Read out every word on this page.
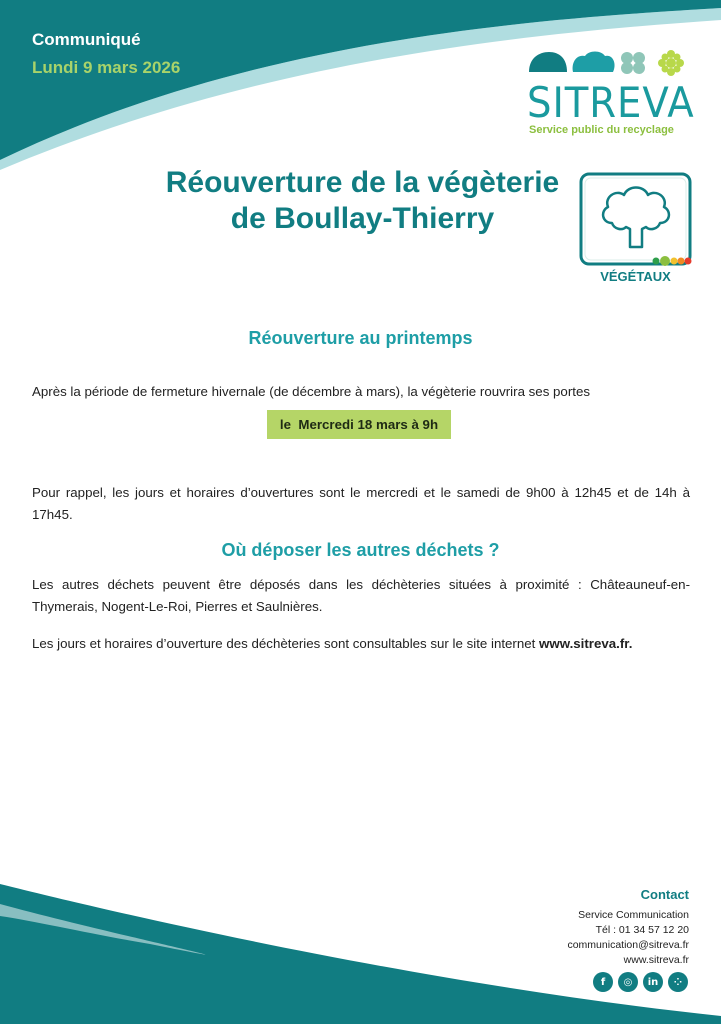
Communiqué
Lundi 9 mars 2026
SITREVA
Service public du recyclage
Réouverture de la végèterie
de Boullay-Thierry
VÉGÉTAUX
Réouverture au printemps

Après la période de fermeture hivernale (de décembre à mars), la végèterie rouvrira ses portes

le  Mercredi 18 mars à 9h

Pour rappel, les jours et horaires d’ouvertures sont le mercredi et le samedi de 9h00 à 12h45 et de 14h à 17h45.

Où déposer les autres déchets ?

Les autres déchets peuvent être déposés dans les déchèteries situées à proximité : Châteauneuf-en-Thymerais, Nogent-Le-Roi, Pierres et Saulnières.

Les jours et horaires d’ouverture des déchèteries sont consultables sur le site internet www.sitreva.fr.

Contact
Service Communication
Tél : 01 34 57 12 20
communication@sitreva.fr
www.sitreva.fr
f	◎	in	⁘
